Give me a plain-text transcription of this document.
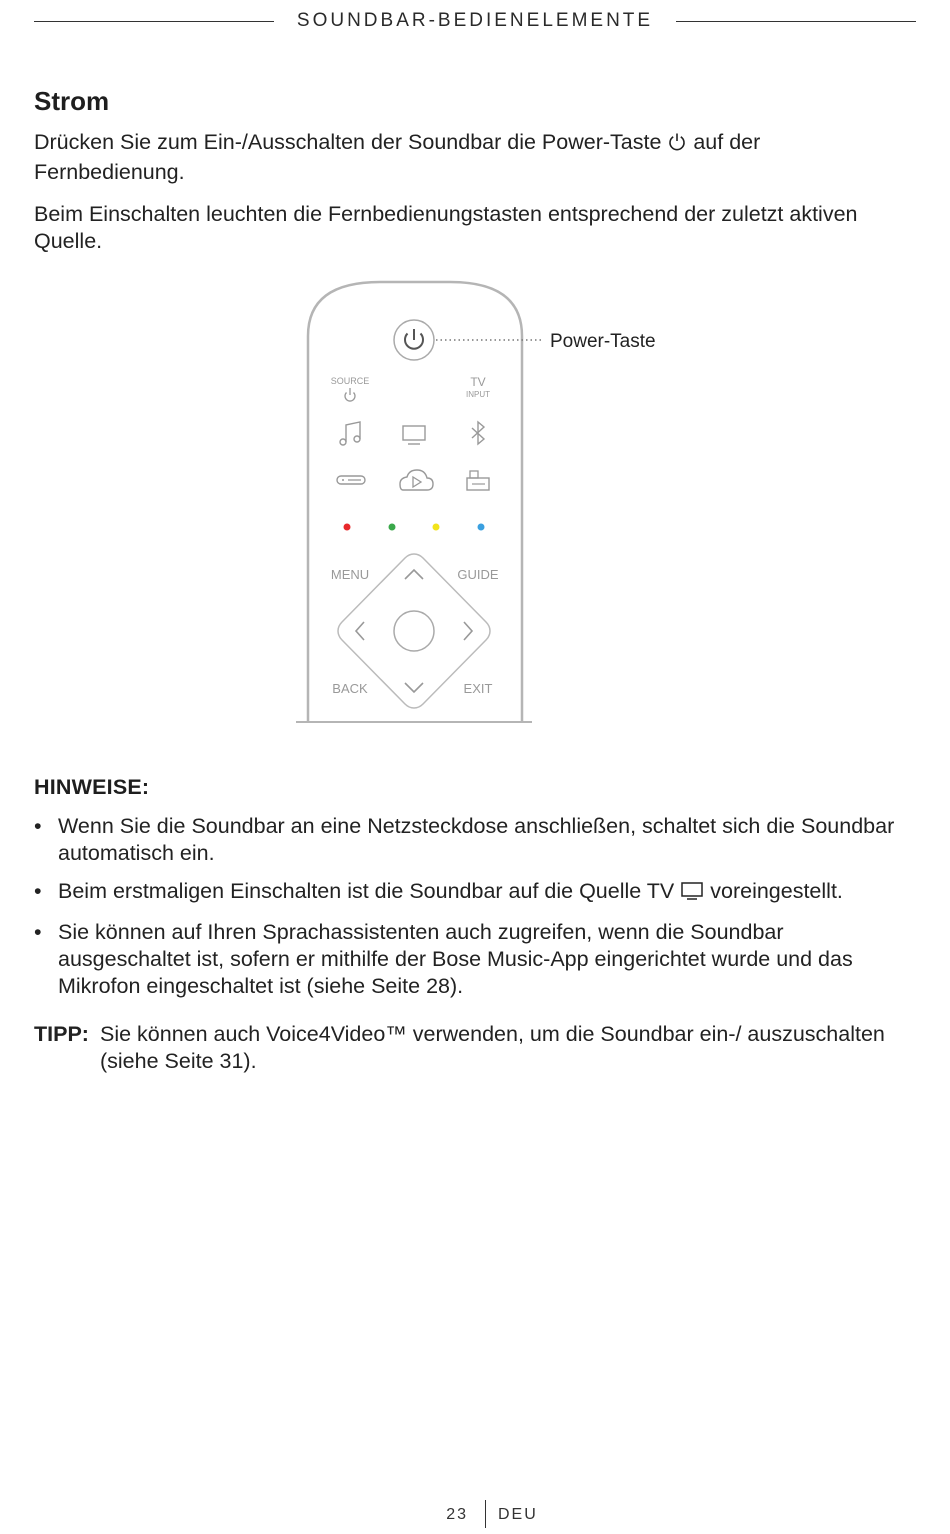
SOUNDBAR-BEDIENELEMENTE
Strom

Drücken Sie zum Ein-/Ausschalten der Soundbar die Power-Taste  auf der Fernbedienung.

Beim Einschalten leuchten die Fernbedienungstasten entsprechend der zuletzt aktiven Quelle.

Power-Taste
SOURCE	TV
INPUT
MENU	GUIDE
BACK	EXIT
HINWEISE:
• Wenn Sie die Soundbar an eine Netzsteckdose anschließen, schaltet sich die Soundbar automatisch ein.
• Beim erstmaligen Einschalten ist die Soundbar auf die Quelle TV  voreingestellt.
• Sie können auf Ihren Sprachassistenten auch zugreifen, wenn die Soundbar ausgeschaltet ist, sofern er mithilfe der Bose Music-App eingerichtet wurde und das Mikrofon eingeschaltet ist (siehe Seite 28).
TIPP: Sie können auch Voice4Video™ verwenden, um die Soundbar ein-/ auszuschalten (siehe Seite 31).
23 DEU
